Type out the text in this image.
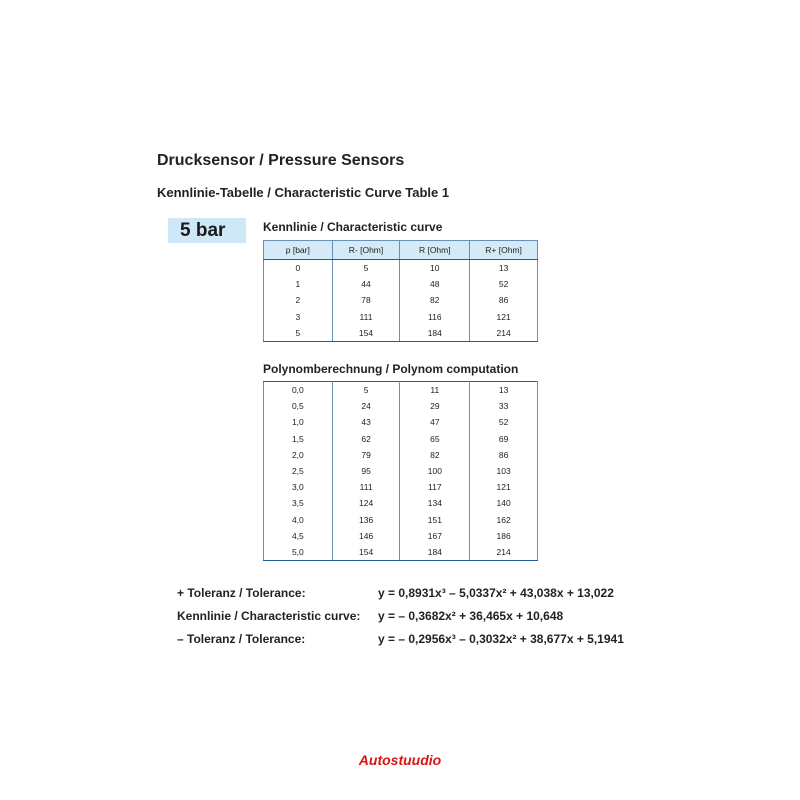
Drucksensor / Pressure Sensors
Kennlinie-Tabelle / Characteristic Curve Table 1
5 bar	Kennlinie / Characteristic curve
p [bar]	R- [Ohm]	R [Ohm]	R+ [Ohm]
0	5	10	13
1	44	48	52
2	78	82	86
3	111	116	121
5	154	184	214
Polynomberechnung / Polynom computation
0,0	5	11	13
0,5	24	29	33
1,0	43	47	52
1,5	62	65	69
2,0	79	82	86
2,5	95	100	103
3,0	111	117	121
3,5	124	134	140
4,0	136	151	162
4,5	146	167	186
5,0	154	184	214
+ Toleranz / Tolerance:	y = 0,8931x³ – 5,0337x² + 43,038x + 13,022
Kennlinie / Characteristic curve: y = – 0,3682x² + 36,465x + 10,648
– Toleranz / Tolerance:	y = – 0,2956x³ – 0,3032x² + 38,677x + 5,1941
Autostuudio
